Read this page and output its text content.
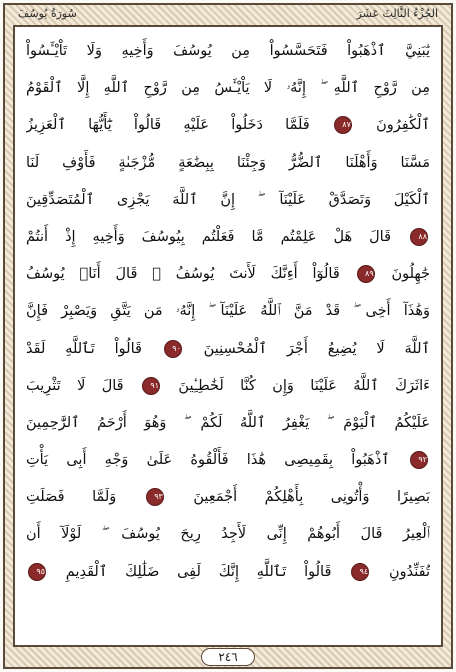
الجُزْءُ الثَّالِثَ عَشَرَ
سُورَةُ يُوسُفَ
يَٰبَنِيَّ ٱذْهَبُواْ فَتَحَسَّسُواْ مِن يُوسُفَ وَأَخِيهِ وَلَا تَاْيْـَٔسُواْ
مِن رَّوْحِ ٱللَّهِ ۖ إِنَّهُۥ لَا يَاْيْـَٔسُ مِن رَّوْحِ ٱللَّهِ إِلَّا ٱلْقَوْمُ
ٱلْكَٰفِرُونَ ٨٧ فَلَمَّا دَخَلُواْ عَلَيْهِ قَالُواْ يَٰٓأَيُّهَا ٱلْعَزِيزُ
مَسَّنَا وَأَهْلَنَا ٱلضُّرُّ وَجِئْنَا بِبِضَٰعَةٍ مُّزْجَىٰةٍ فَأَوْفِ لَنَا
ٱلْكَيْلَ وَتَصَدَّقْ عَلَيْنَآ ۖ إِنَّ ٱللَّهَ يَجْزِى ٱلْمُتَصَدِّقِينَ
٨٨ قَالَ هَلْ عَلِمْتُم مَّا فَعَلْتُم بِيُوسُفَ وَأَخِيهِ إِذْ أَنتُمْ
جَٰهِلُونَ ٨٩ قَالُوٓاْ أَءِنَّكَ لَأَنتَ يُوسُفُ ۖ قَالَ أَنَا۠ يُوسُفُ
وَهَٰذَآ أَخِى ۖ قَدْ مَنَّ ٱللَّهُ عَلَيْنَآ ۖ إِنَّهُۥ مَن يَتَّقِ وَيَصْبِرْ فَإِنَّ
ٱللَّهَ لَا يُضِيعُ أَجْرَ ٱلْمُحْسِنِينَ ٩٠ قَالُواْ تَٱللَّهِ لَقَدْ
ءَاثَرَكَ ٱللَّهُ عَلَيْنَا وَإِن كُنَّا لَخَٰطِـِٔينَ ٩١ قَالَ لَا تَثْرِيبَ
عَلَيْكُمُ ٱلْيَوْمَ ۖ يَغْفِرُ ٱللَّهُ لَكُمْ ۖ وَهُوَ أَرْحَمُ ٱلرَّٰحِمِينَ
٩٢ ٱذْهَبُواْ بِقَمِيصِى هَٰذَا فَأَلْقُوهُ عَلَىٰ وَجْهِ أَبِى يَأْتِ
بَصِيرًا وَأْتُونِى بِأَهْلِكُمْ أَجْمَعِينَ ٩٣ وَلَمَّا فَصَلَتِ
ٱلْعِيرُ قَالَ أَبُوهُمْ إِنِّى لَأَجِدُ رِيحَ يُوسُفَ ۖ لَوْلَآ أَن
تُفَنِّدُونِ ٩٤ قَالُواْ تَٱللَّهِ إِنَّكَ لَفِى ضَلَٰلِكَ ٱلْقَدِيمِ ٩٥
٢٤٦
